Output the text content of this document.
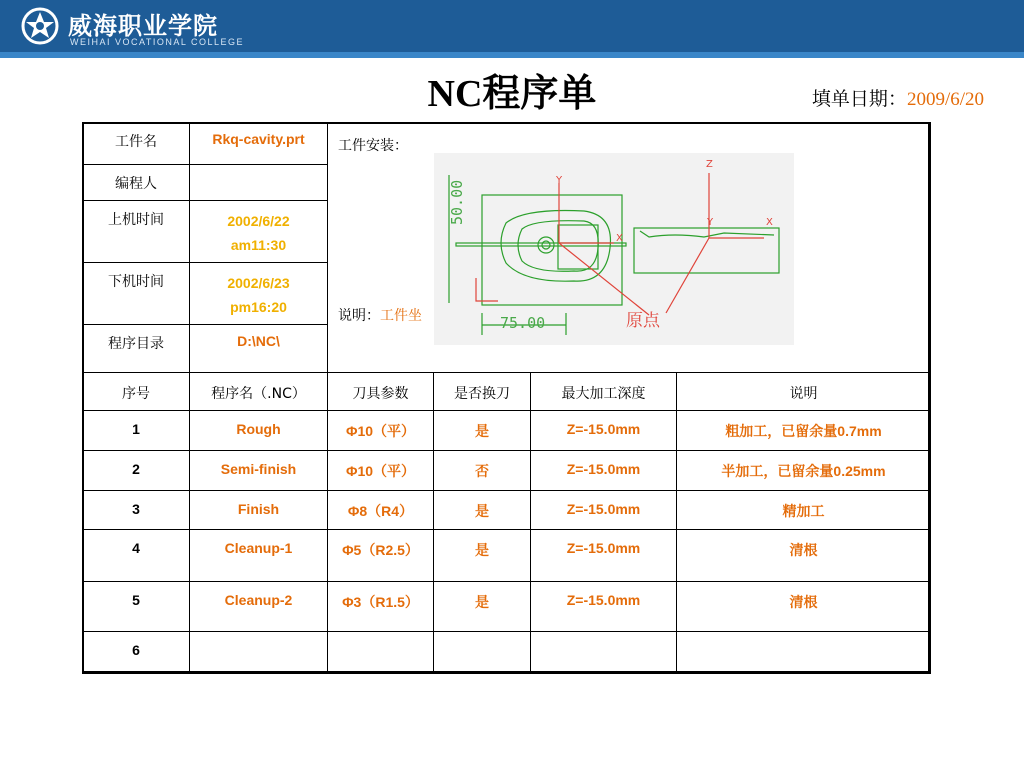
威海职业学院
WEIHAI VOCATIONAL COLLEGE
NC程序单	填单日期：2009/6/20
工件名	Rkq-cavity.prt	工件安装：
说明：工件坐

编程人		
上机时间	2002/6/22
am11:30	

下机时间	2002/6/23
pm16:20	

程序目录	D:\NC\	
50.00
75.00	原点
Y
X
Z
Y	X
序号	程序名（.NC）	刀具参数	是否换刀	最大加工深度	说明
1	Rough	Φ10（平）	是	Z=-15.0mm	粗加工，已留余量0.7mm
2	Semi-finish	Φ10（平）	否	Z=-15.0mm	半加工，已留余量0.25mm
3	Finish	Φ8（R4）	是	Z=-15.0mm	精加工
4	Cleanup-1	Φ5（R2.5）	是	Z=-15.0mm	清根
5	Cleanup-2	Φ3（R1.5）	是	Z=-15.0mm	清根
6					
